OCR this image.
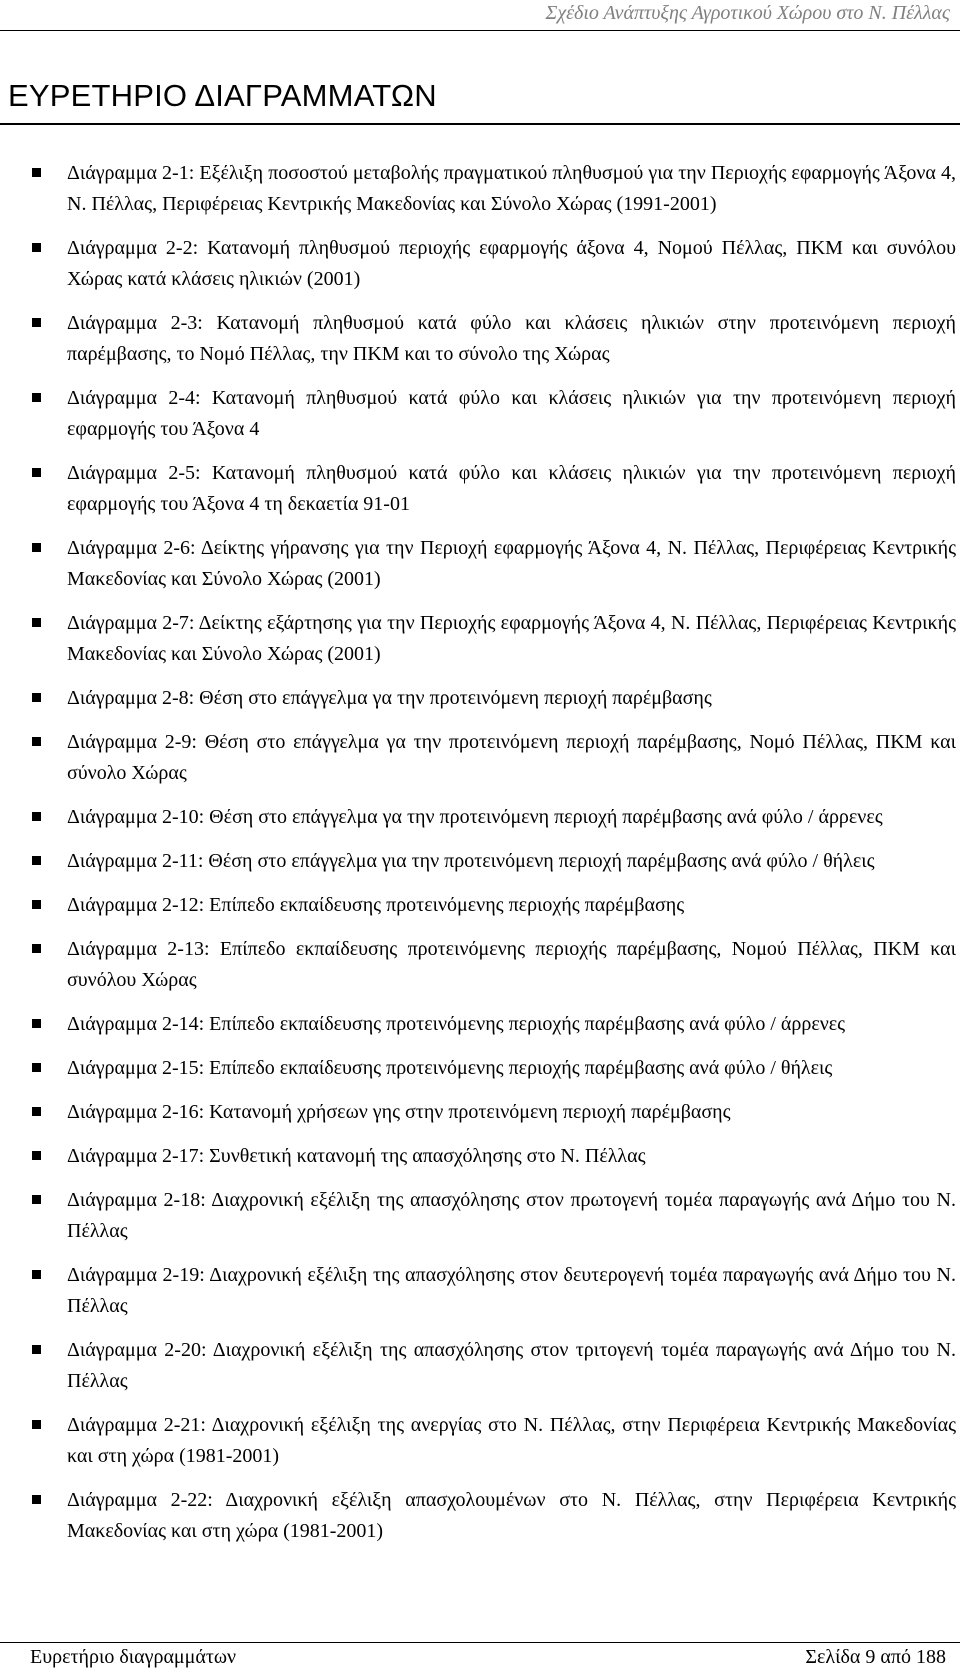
Σχέδιο Ανάπτυξης Αγροτικού Χώρου στο Ν. Πέλλας
ΕΥΡΕΤΗΡΙΟ ΔΙΑΓΡΑΜΜΑΤΩΝ
Διάγραμμα 2-1: Εξέλιξη ποσοστού μεταβολής πραγματικού πληθυσμού για την Περιοχής εφαρμογής Άξονα 4, Ν. Πέλλας, Περιφέρειας Κεντρικής Μακεδονίας και Σύνολο Χώρας (1991-2001)
Διάγραμμα 2-2: Κατανομή πληθυσμού περιοχής εφαρμογής άξονα 4, Νομού Πέλλας, ΠΚΜ και συνόλου Χώρας κατά κλάσεις ηλικιών (2001)
Διάγραμμα 2-3: Κατανομή πληθυσμού κατά φύλο και κλάσεις ηλικιών στην προτεινόμενη περιοχή παρέμβασης, το Νομό Πέλλας, την ΠΚΜ και το σύνολο της Χώρας
Διάγραμμα 2-4: Κατανομή πληθυσμού κατά φύλο και κλάσεις ηλικιών για την προτεινόμενη περιοχή εφαρμογής του Άξονα 4
Διάγραμμα 2-5: Κατανομή πληθυσμού κατά φύλο και κλάσεις ηλικιών για την προτεινόμενη περιοχή εφαρμογής του Άξονα 4 τη δεκαετία 91-01
Διάγραμμα 2-6: Δείκτης γήρανσης για την Περιοχή εφαρμογής Άξονα 4, Ν. Πέλλας, Περιφέρειας Κεντρικής Μακεδονίας και Σύνολο Χώρας (2001)
Διάγραμμα 2-7: Δείκτης εξάρτησης για την Περιοχής εφαρμογής Άξονα 4, Ν. Πέλλας, Περιφέρειας Κεντρικής Μακεδονίας και Σύνολο Χώρας (2001)
Διάγραμμα 2-8: Θέση στο επάγγελμα γα την προτεινόμενη περιοχή παρέμβασης
Διάγραμμα 2-9: Θέση στο επάγγελμα γα την προτεινόμενη περιοχή παρέμβασης, Νομό Πέλλας, ΠΚΜ και σύνολο Χώρας
Διάγραμμα 2-10: Θέση στο επάγγελμα γα την προτεινόμενη περιοχή παρέμβασης ανά φύλο / άρρενες
Διάγραμμα 2-11: Θέση στο επάγγελμα για την προτεινόμενη περιοχή παρέμβασης ανά φύλο / θήλεις
Διάγραμμα 2-12: Επίπεδο εκπαίδευσης προτεινόμενης περιοχής παρέμβασης
Διάγραμμα 2-13: Επίπεδο εκπαίδευσης προτεινόμενης περιοχής παρέμβασης, Νομού Πέλλας, ΠΚΜ και συνόλου Χώρας
Διάγραμμα 2-14: Επίπεδο εκπαίδευσης προτεινόμενης περιοχής παρέμβασης ανά φύλο / άρρενες
Διάγραμμα 2-15: Επίπεδο εκπαίδευσης προτεινόμενης περιοχής παρέμβασης ανά φύλο / θήλεις
Διάγραμμα 2-16: Κατανομή χρήσεων γης στην προτεινόμενη περιοχή παρέμβασης
Διάγραμμα 2-17: Συνθετική κατανομή της απασχόλησης στο Ν. Πέλλας
Διάγραμμα 2-18: Διαχρονική εξέλιξη της απασχόλησης στον πρωτογενή τομέα παραγωγής ανά Δήμο του Ν. Πέλλας
Διάγραμμα 2-19: Διαχρονική εξέλιξη της απασχόλησης στον δευτερογενή τομέα παραγωγής ανά Δήμο του Ν. Πέλλας
Διάγραμμα 2-20: Διαχρονική εξέλιξη της απασχόλησης στον τριτογενή τομέα παραγωγής ανά Δήμο του Ν. Πέλλας
Διάγραμμα 2-21: Διαχρονική εξέλιξη της ανεργίας στο Ν. Πέλλας, στην Περιφέρεια Κεντρικής Μακεδονίας και στη χώρα (1981-2001)
Διάγραμμα 2-22: Διαχρονική εξέλιξη απασχολουμένων στο Ν. Πέλλας, στην Περιφέρεια Κεντρικής Μακεδονίας και στη χώρα (1981-2001)
Ευρετήριο διαγραμμάτων	Σελίδα 9 από 188
